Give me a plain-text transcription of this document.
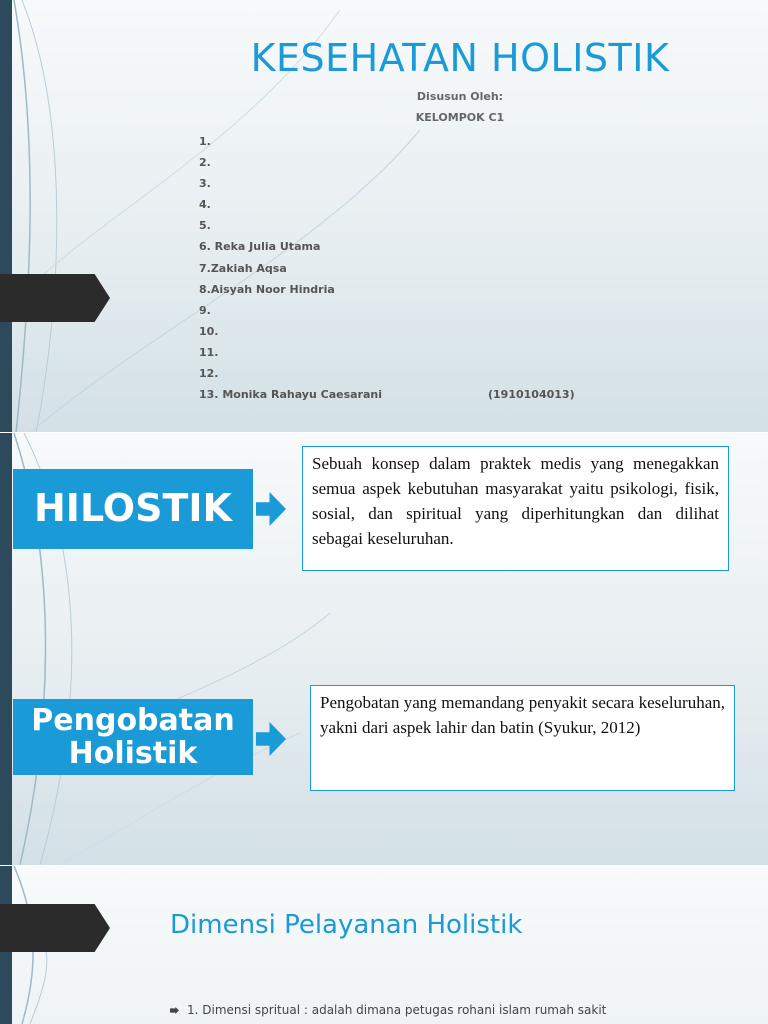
KESEHATAN HOLISTIK
Disusun Oleh:
KELOMPOK C1
1.
2.
3.
4.
5.
6. Reka Julia Utama
7.Zakiah Aqsa
8.Aisyah Noor Hindria
9.
10.
11.
12.
13. Monika Rahayu Caesarani	(1910104013)
HILOSTIK
Sebuah konsep dalam praktek medis yang menegakkan semua aspek kebutuhan masyarakat yaitu psikologi, fisik, sosial, dan spiritual yang diperhitungkan dan dilihat sebagai keseluruhan.
Pengobatan
Holistik
Pengobatan yang memandang penyakit secara keseluruhan, yakni dari aspek lahir dan batin (Syukur, 2012)
Dimensi Pelayanan Holistik
1. Dimensi spritual : adalah dimana petugas rohani islam rumah sakit
